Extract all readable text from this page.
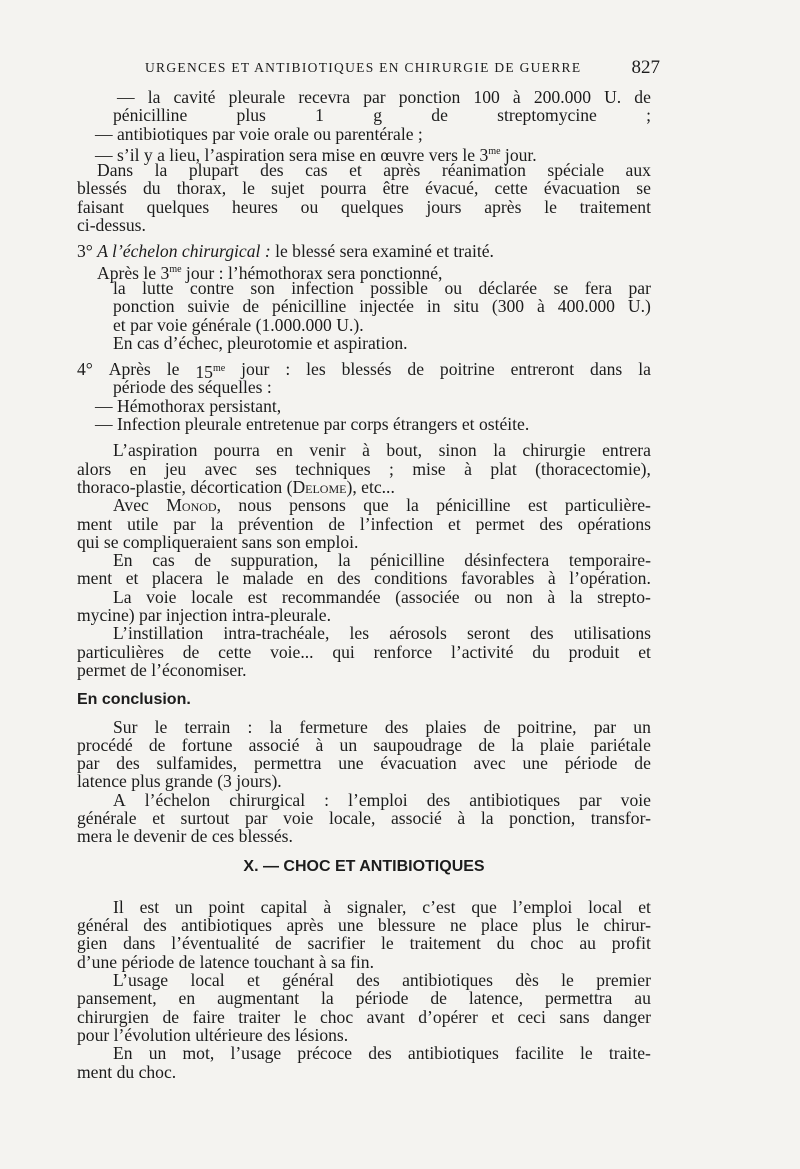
URGENCES ET ANTIBIOTIQUES EN CHIRURGIE DE GUERRE	827
— la cavité pleurale recevra par ponction 100 à 200.000 U. de
pénicilline	plus	1	g	de	streptomycine	;
— antibiotiques par voie orale ou parentérale ;
— s’il y a lieu, l’aspiration sera mise en œuvre vers le $3^{me}$ jour.
Dans la plupart des cas et après réanimation spéciale aux
blessés du thorax, le sujet pourra être évacué, cette évacuation se
faisant quelques heures ou quelques jours après le traitement
ci-dessus.
3° A l’échelon chirurgical : le blessé sera examiné et traité.
Après le $3^{me}$ jour : l’hémothorax sera ponctionné,
la lutte contre son infection possible ou déclarée se fera par
ponction suivie de pénicilline injectée in situ (300 à 400.000 U.)
et par voie générale (1.000.000 U.).
En cas d’échec, pleurotomie et aspiration.
4° Après le $15^{me}$ jour : les blessés de poitrine entreront dans la
période des séquelles :
— Hémothorax persistant,
— Infection pleurale entretenue par corps étrangers et ostéite.
L’aspiration pourra en venir à bout, sinon la chirurgie entrera
alors en jeu avec ses techniques ; mise à plat (thoracectomie),
thoraco-plastie, décortication (Delome), etc...
Avec Monod, nous pensons que la pénicilline est particulière-
ment utile par la prévention de l’infection et permet des opérations
qui se compliqueraient sans son emploi.
En cas de suppuration, la pénicilline désinfectera temporaire-
ment et placera le malade en des conditions favorables à l’opération.
La voie locale est recommandée (associée ou non à la strepto-
mycine) par injection intra-pleurale.
L’instillation intra-trachéale, les aérosols seront des utilisations
particulières de cette voie... qui renforce l’activité du produit et
permet de l’économiser.
En conclusion.
Sur le terrain : la fermeture des plaies de poitrine, par un
procédé de fortune associé à un saupoudrage de la plaie pariétale
par des sulfamides, permettra une évacuation avec une période de
latence plus grande (3 jours).
A l’échelon chirurgical : l’emploi des antibiotiques par voie
générale et surtout par voie locale, associé à la ponction, transfor-
mera le devenir de ces blessés.
X. — CHOC ET ANTIBIOTIQUES
Il est un point capital à signaler, c’est que l’emploi local et
général des antibiotiques après une blessure ne place plus le chirur-
gien dans l’éventualité de sacrifier le traitement du choc au profit
d’une période de latence touchant à sa fin.
L’usage local et général des antibiotiques dès le premier
pansement, en augmentant la période de latence, permettra au
chirurgien de faire traiter le choc avant d’opérer et ceci sans danger
pour l’évolution ultérieure des lésions.
En un mot, l’usage précoce des antibiotiques facilite le traite-
ment du choc.
